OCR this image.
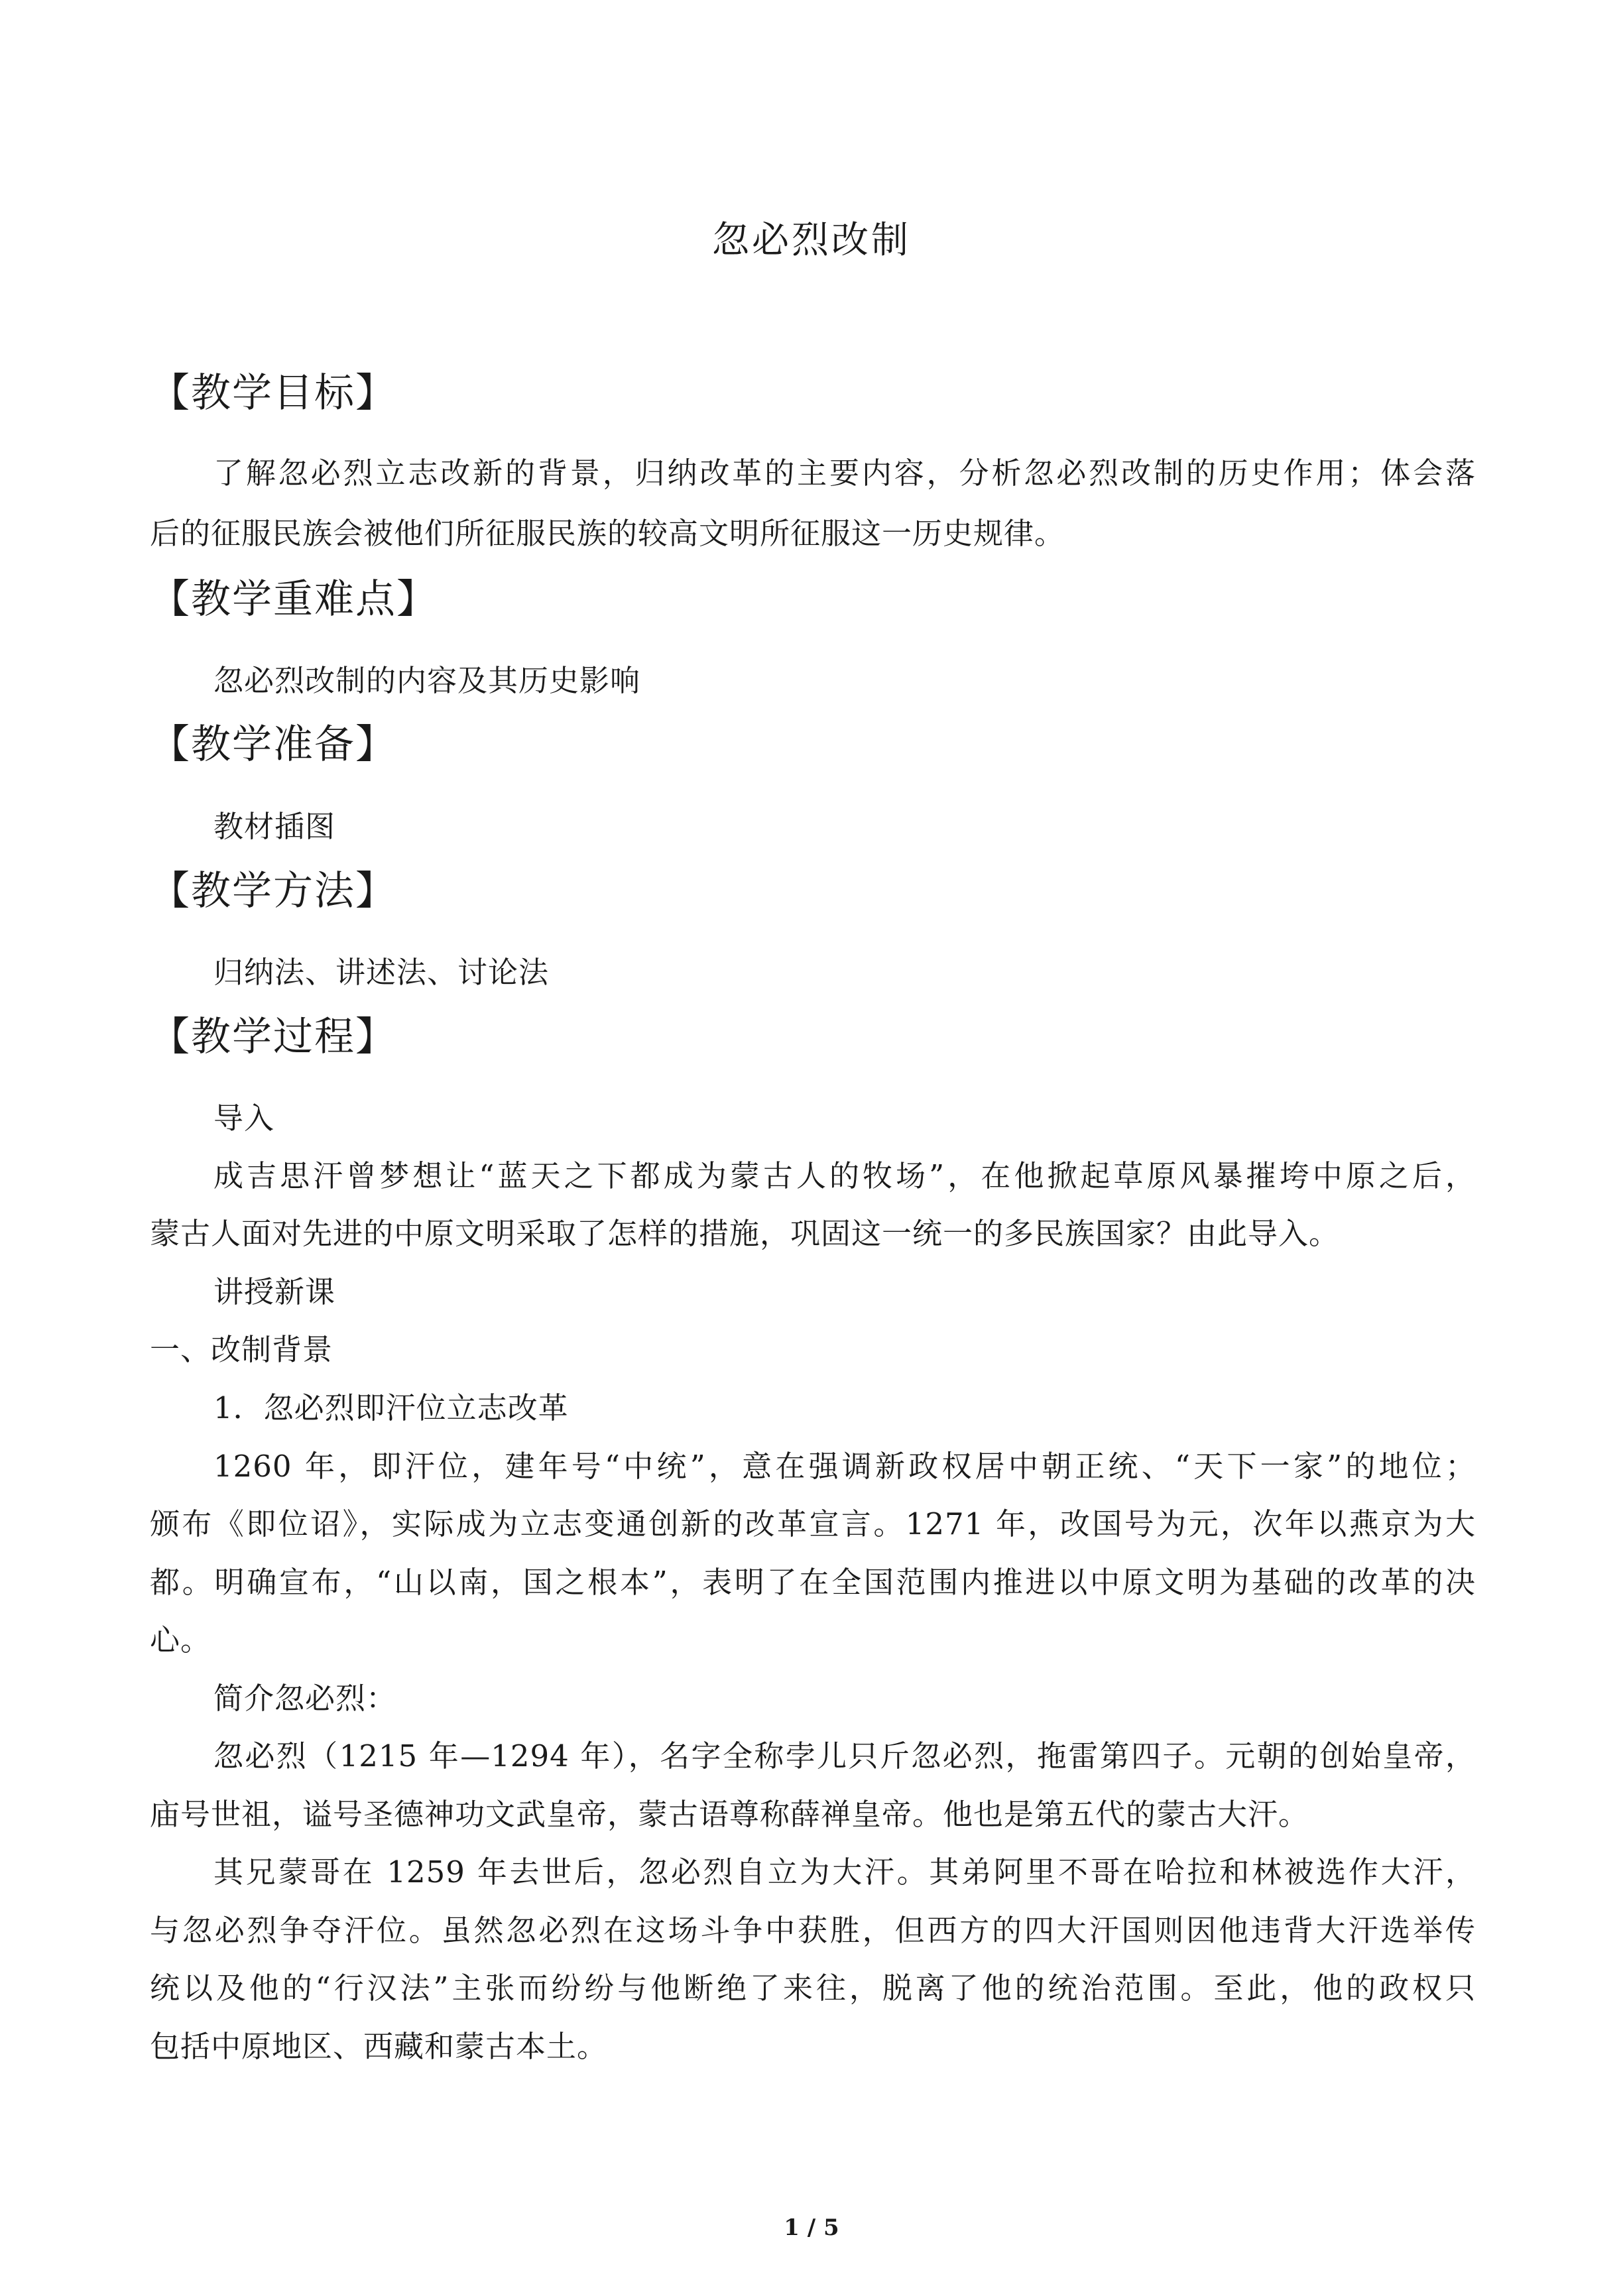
忽必烈改制
【教学目标】
了解忽必烈立志改新的背景，归纳改革的主要内容，分析忽必烈改制的历史作用；体会落
后的征服民族会被他们所征服民族的较高文明所征服这一历史规律。
【教学重难点】
忽必烈改制的内容及其历史影响
【教学准备】
教材插图
【教学方法】
归纳法、讲述法、讨论法
【教学过程】
导入
成吉思汗曾梦想让“蓝天之下都成为蒙古人的牧场”，在他掀起草原风暴摧垮中原之后，
蒙古人面对先进的中原文明采取了怎样的措施，巩固这一统一的多民族国家？由此导入。
讲授新课
一、改制背景
1．忽必烈即汗位立志改革
1260 年，即汗位，建年号“中统”，意在强调新政权居中朝正统、“天下一家”的地位；
颁布《即位诏》，实际成为立志变通创新的改革宣言。1271 年，改国号为元，次年以燕京为大
都。明确宣布，“山以南，国之根本”，表明了在全国范围内推进以中原文明为基础的改革的决
心。
简介忽必烈：
忽必烈（1215 年—1294 年），名字全称孛儿只斤忽必烈，拖雷第四子。元朝的创始皇帝，
庙号世祖，谥号圣德神功文武皇帝，蒙古语尊称薛禅皇帝。他也是第五代的蒙古大汗。
其兄蒙哥在 1259 年去世后，忽必烈自立为大汗。其弟阿里不哥在哈拉和林被选作大汗，
与忽必烈争夺汗位。虽然忽必烈在这场斗争中获胜，但西方的四大汗国则因他违背大汗选举传
统以及他的“行汉法”主张而纷纷与他断绝了来往，脱离了他的统治范围。至此，他的政权只
包括中原地区、西藏和蒙古本土。
1 / 5
